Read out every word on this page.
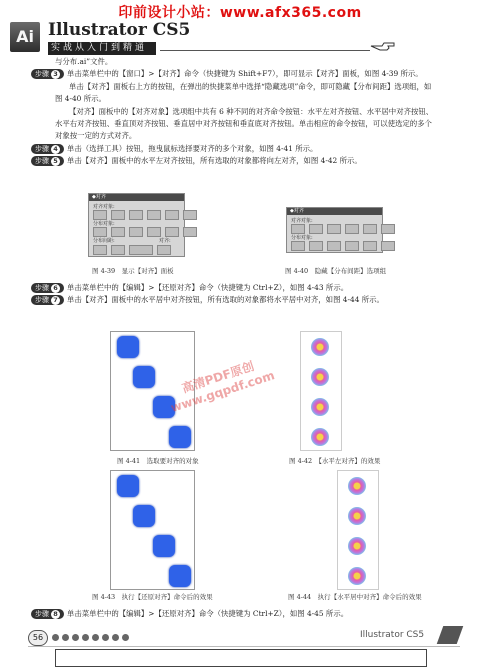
印前设计小站：www.afx365.com
Ai Illustrator CS5
实战从入门到精通

与分布.ai”文件。

步骤 3 单击菜单栏中的【窗口】>【对齐】命令（快捷键为 Shift+F7），即可显示【对齐】面板，如图 4-39 所示。

单击【对齐】面板右上方的按钮，在弹出的快捷菜单中选择“隐藏选项”命令，即可隐藏【分布间距】选项组，如图 4-40 所示。

【对齐】面板中的【对齐对象】选项组中共有 6 种不同的对齐命令按钮：水平左对齐按钮、水平居中对齐按钮、水平右对齐按钮、垂直顶对齐按钮、垂直居中对齐按钮和垂直底对齐按钮。单击相应的命令按钮，可以使选定的多个对象按一定的方式对齐。

步骤 4 单击（选择工具）按钮，拖曳鼠标选择要对齐的多个对象，如图 4-41 所示。

步骤 5 单击【对齐】面板中的水平左对齐按钮，所有选取的对象都将向左对齐，如图 4-42 所示。

◆对齐
对齐对象:
分布对象:
分布间距:	对齐:
◆对齐
对齐对象:
分布对象:
图 4-39　显示【对齐】面板	图 4-40　隐藏【分布间距】选项组

步骤 6 单击菜单栏中的【编辑】>【还原对齐】命令（快捷键为 Ctrl+Z），如图 4-43 所示。

步骤 7 单击【对齐】面板中的水平居中对齐按钮，所有选取的对象都将水平居中对齐，如图 4-44 所示。

高清PDF原创 www.gqpdf.com
图 4-41　选取要对齐的对象	图 4-42　【水平左对齐】的效果
图 4-43　执行【还原对齐】命令后的效果	图 4-44　执行【水平居中对齐】命令后的效果

步骤 8 单击菜单栏中的【编辑】>【还原对齐】命令（快捷键为 Ctrl+Z），如图 4-45 所示。

56	Illustrator CS5
